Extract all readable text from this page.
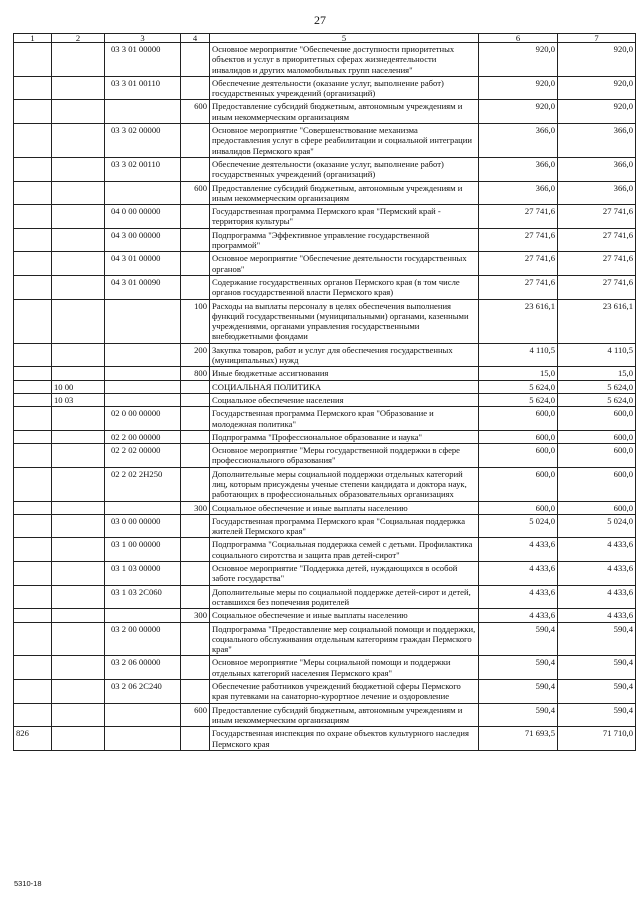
27
1	2	3	4	5	6	7
		03 3 01 00000		Основное мероприятие "Обеспечение доступности приоритетных объектов и услуг в приоритетных сферах жизнедеятельности инвалидов и других маломобильных групп населения"	920,0	920,0
		03 3 01 00110		Обеспечение деятельности (оказание услуг, выполнение работ) государственных учреждений (организаций)	920,0	920,0
			600	Предоставление субсидий бюджетным, автономным учреждениям и иным некоммерческим организациям	920,0	920,0
		03 3 02 00000		Основное мероприятие "Совершенствование механизма предоставления услуг в сфере реабилитации и социальной интеграции инвалидов Пермского края"	366,0	366,0
		03 3 02 00110		Обеспечение деятельности (оказание услуг, выполнение работ) государственных учреждений (организаций)	366,0	366,0
			600	Предоставление субсидий бюджетным, автономным учреждениям и иным некоммерческим организациям	366,0	366,0
		04 0 00 00000		Государственная программа Пермского края "Пермский край - территория культуры"	27 741,6	27 741,6
		04 3 00 00000		Подпрограмма "Эффективное управление государственной программой"	27 741,6	27 741,6
		04 3 01 00000		Основное мероприятие "Обеспечение деятельности государственных органов"	27 741,6	27 741,6
		04 3 01 00090		Содержание государственных органов Пермского края (в том числе органов государственной власти Пермского края)	27 741,6	27 741,6
			100	Расходы на выплаты персоналу в целях обеспечения выполнения функций государственными (муниципальными) органами, казенными учреждениями, органами управления государственными внебюджетными фондами	23 616,1	23 616,1
			200	Закупка товаров, работ и услуг для обеспечения государственных (муниципальных) нужд	4 110,5	4 110,5
			800	Иные бюджетные ассигнования	15,0	15,0
	10 00			СОЦИАЛЬНАЯ ПОЛИТИКА	5 624,0	5 624,0
	10 03			Социальное обеспечение населения	5 624,0	5 624,0
		02 0 00 00000		Государственная программа Пермского края "Образование и молодежная политика"	600,0	600,0
		02 2 00 00000		Подпрограмма "Профессиональное образование и наука"	600,0	600,0
		02 2 02 00000		Основное мероприятие "Меры государственной поддержки в сфере профессионального образования"	600,0	600,0
		02 2 02 2Н250		Дополнительные меры социальной поддержки отдельных категорий лиц, которым присуждены ученые степени кандидата и доктора наук, работающих в профессиональных образовательных организациях	600,0	600,0
			300	Социальное обеспечение и иные выплаты населению	600,0	600,0
		03 0 00 00000		Государственная программа Пермского края "Социальная поддержка жителей Пермского края"	5 024,0	5 024,0
		03 1 00 00000		Подпрограмма "Социальная поддержка семей с детьми. Профилактика социального сиротства и защита прав детей-сирот"	4 433,6	4 433,6
		03 1 03 00000		Основное мероприятие "Поддержка детей, нуждающихся в особой заботе государства"	4 433,6	4 433,6
		03 1 03 2С060		Дополнительные меры по социальной поддержке детей-сирот и детей, оставшихся без попечения родителей	4 433,6	4 433,6
			300	Социальное обеспечение и иные выплаты населению	4 433,6	4 433,6
		03 2 00 00000		Подпрограмма "Предоставление мер социальной помощи и поддержки, социального обслуживания отдельным категориям граждан Пермского края"	590,4	590,4
		03 2 06 00000		Основное мероприятие "Меры социальной помощи и поддержки отдельных категорий населения Пермского края"	590,4	590,4
		03 2 06 2С240		Обеспечение работников учреждений бюджетной сферы Пермского края путевками на санаторно-курортное лечение и оздоровление	590,4	590,4
			600	Предоставление субсидий бюджетным, автономным учреждениям и иным некоммерческим организациям	590,4	590,4
826				Государственная инспекция по охране объектов культурного наследия Пермского края	71 693,5	71 710,0
5310-18
